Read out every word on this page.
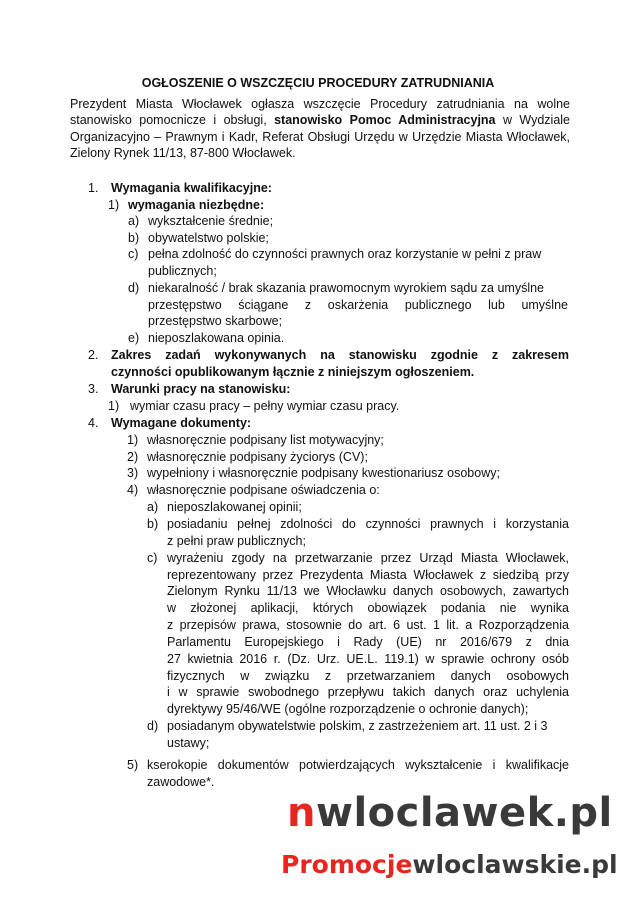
OGŁOSZENIE O WSZCZĘCIU PROCEDURY ZATRUDNIANIA

Prezydent Miasta Włocławek ogłasza wszczęcie Procedury zatrudniania na wolne stanowisko pomocnicze i obsługi, stanowisko Pomoc Administracyjna w Wydziale Organizacyjno – Prawnym i Kadr, Referat Obsługi Urzędu w Urzędzie Miasta Włocławek, Zielony Rynek 11/13, 87-800 Włocławek.

1. Wymagania kwalifikacyjne:
1) wymagania niezbędne:
a) wykształcenie średnie;
b) obywatelstwo polskie;
c) pełna zdolność do czynności prawnych oraz korzystanie w pełni z praw
publicznych;
d) niekaralność / brak skazania prawomocnym wyrokiem sądu za umyślne
przestępstwo ściągane z oskarżenia publicznego lub umyślne
przestępstwo skarbowe;
e) nieposzlakowana opinia.
2.	Zakres zadań wykonywanych na stanowisku zgodnie z zakresem
czynności opublikowanym łącznie z niniejszym ogłoszeniem.
3. Warunki pracy na stanowisku:
1) wymiar czasu pracy – pełny wymiar czasu pracy.
4. Wymagane dokumenty:
1) własnoręcznie podpisany list motywacyjny;
2) własnoręcznie podpisany życiorys (CV);
3) wypełniony i własnoręcznie podpisany kwestionariusz osobowy;
4) własnoręcznie podpisane oświadczenia o:
a) nieposzlakowanej opinii;
b) posiadaniu pełnej zdolności do czynności prawnych i korzystania
z pełni praw publicznych;
c) wyrażeniu zgody na przetwarzanie przez Urząd Miasta Włocławek,
reprezentowany przez Prezydenta Miasta Włocławek z siedzibą przy
Zielonym Rynku 11/13 we Włocławku danych osobowych, zawartych
w złożonej aplikacji, których obowiązek podania nie wynika
z przepisów prawa, stosownie do art. 6 ust. 1 lit. a Rozporządzenia
Parlamentu Europejskiego i Rady (UE) nr 2016/679 z dnia
27 kwietnia 2016 r. (Dz. Urz. UE.L. 119.1) w sprawie ochrony osób
fizycznych w związku z przetwarzaniem danych osobowych
i w sprawie swobodnego przepływu takich danych oraz uchylenia
dyrektywy 95/46/WE (ogólne rozporządzenie o ochronie danych);
d) posiadanym obywatelstwie polskim, z zastrzeżeniem art. 11 ust. 2 i 3
ustawy;
5) kserokopie dokumentów potwierdzających wykształcenie i kwalifikacje
zawodowe*.
nwloclawek.pl
Promocjewloclawskie.pl
